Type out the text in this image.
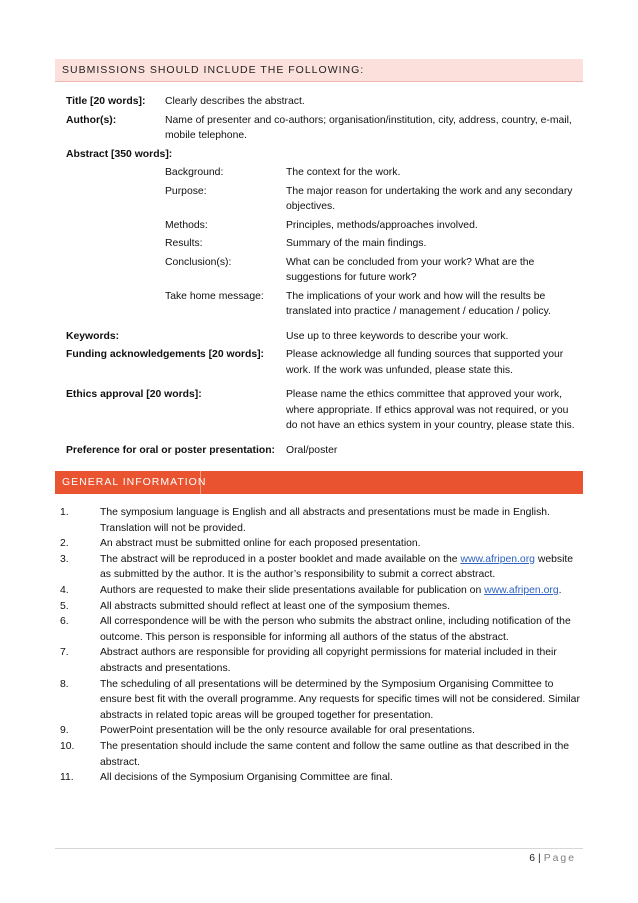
SUBMISSIONS SHOULD INCLUDE THE FOLLOWING:
Title [20 words]:	Clearly describes the abstract.
Author(s):	Name of presenter and co-authors; organisation/institution, city, address, country, e-mail, mobile telephone.
Abstract [350 words]:
Background:	The context for the work.
Purpose:	The major reason for undertaking the work and any secondary objectives.
Methods:	Principles, methods/approaches involved.
Results:	Summary of the main findings.
Conclusion(s):	What can be concluded from your work? What are the suggestions for future work?
Take home message:	The implications of your work and how will the results be translated into practice / management / education / policy.
Keywords:	Use up to three keywords to describe your work.
Funding acknowledgements [20 words]:	Please acknowledge all funding sources that supported your work. If the work was unfunded, please state this.
Ethics approval [20 words]:	Please name the ethics committee that approved your work, where appropriate. If ethics approval was not required, or you do not have an ethics system in your country, please state this.
Preference for oral or poster presentation:	Oral/poster
GENERAL INFORMATION
1.	The symposium language is English and all abstracts and presentations must be made in English. Translation will not be provided.
2.	An abstract must be submitted online for each proposed presentation.
3.	The abstract will be reproduced in a poster booklet and made available on the www.afripen.org website as submitted by the author. It is the author’s responsibility to submit a correct abstract.
4.	Authors are requested to make their slide presentations available for publication on www.afripen.org.
5.	All abstracts submitted should reflect at least one of the symposium themes.
6.	All correspondence will be with the person who submits the abstract online, including notification of the outcome. This person is responsible for informing all authors of the status of the abstract.
7.	Abstract authors are responsible for providing all copyright permissions for material included in their abstracts and presentations.
8.	The scheduling of all presentations will be determined by the Symposium Organising Committee to ensure best fit with the overall programme. Any requests for specific times will not be considered. Similar abstracts in related topic areas will be grouped together for presentation.
9.	PowerPoint presentation will be the only resource available for oral presentations.
10.	The presentation should include the same content and follow the same outline as that described in the abstract.
11.	All decisions of the Symposium Organising Committee are final.
6 | Page
